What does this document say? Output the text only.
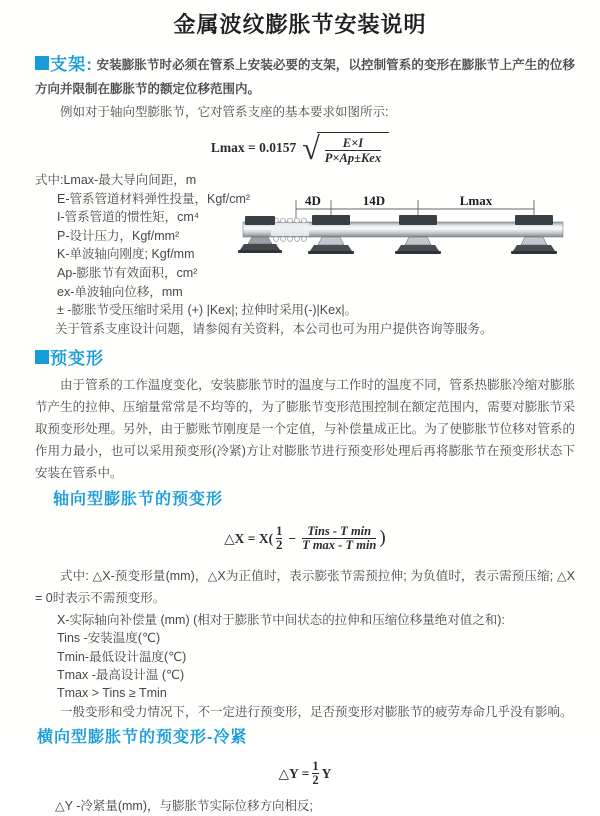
金属波纹膨胀节安装说明
支架: 安装膨胀节时必须在管系上安装必要的支架，以控制管系的变形在膨胀节上产生的位移方向并限制在膨胀节的额定位移范围内。
例如对于轴向型膨胀节，它对管系支座的基本要求如图所示:
Lmax = 0.0157 √ $\frac{E\times I}{\text{P×Ap±Kex}}$
式中:Lmax-最大导向间距，m
E-管系管道材料弹性投量，Kgf/cm²
I-管系管道的惯性矩，cm⁴
P-设计压力，Kgf/mm²
K-单波轴向刚度; Kgf/mm
Ap-膨胀节有效面积，cm²
ex-单波轴向位移，mm
± -膨胀节受压缩时采用 (+) |Kex|; 拉伸时采用(-)|Kex|。
关于管系支座设计问题，请参阅有关资料，本公司也可为用户提供咨询等服务。
预变形
由于管系的工作温度变化，安装膨胀节时的温度与工作时的温度不同，管系热膨胀冷缩对膨胀节产生的拉伸、压缩量常常是不均等的，为了膨胀节变形范围控制在额定范围内，需要对膨胀节采取预变形处理。另外，由于膨账节刚度是一个定值，与补偿量成正比。为了使膨胀节位移对管系的作用力最小，也可以采用预变形(冷紧)方让对膨胀节进行预变形处理后再将膨胀节在预变形状态下安装在管系中。
轴向型膨胀节的预变形
△X = $X( \frac{1}{2} - \frac{\text{Tins - T min}}{\text{T max - T min}}$ )
式中: △X-预变形量(mm)，△X为正值时，表示膨张节需预拉伸; 为负值时，表示需预压缩; △X = 0时表示不需预变形。
X-实际轴向补偿量 (mm) (相对于膨胀节中间状态的拉伸和压缩位移量绝对值之和):
Tins -安装温度(℃)
Tmin-最低设计温度(℃)
Tmax -最高设计温 (℃)
Tmax > Tins ≥ Tmin
一般变形和受力情况下，不一定进行预变形，足否预变形对膨胀节的疲劳寿命几乎没有影响。
横向型膨胀节的预变形-冷紧
△Y = $\frac{1}{2}$ Y
△Y -冷紧量(mm)，与膨胀节实际位移方向相反;
4D	14D	Lmax
